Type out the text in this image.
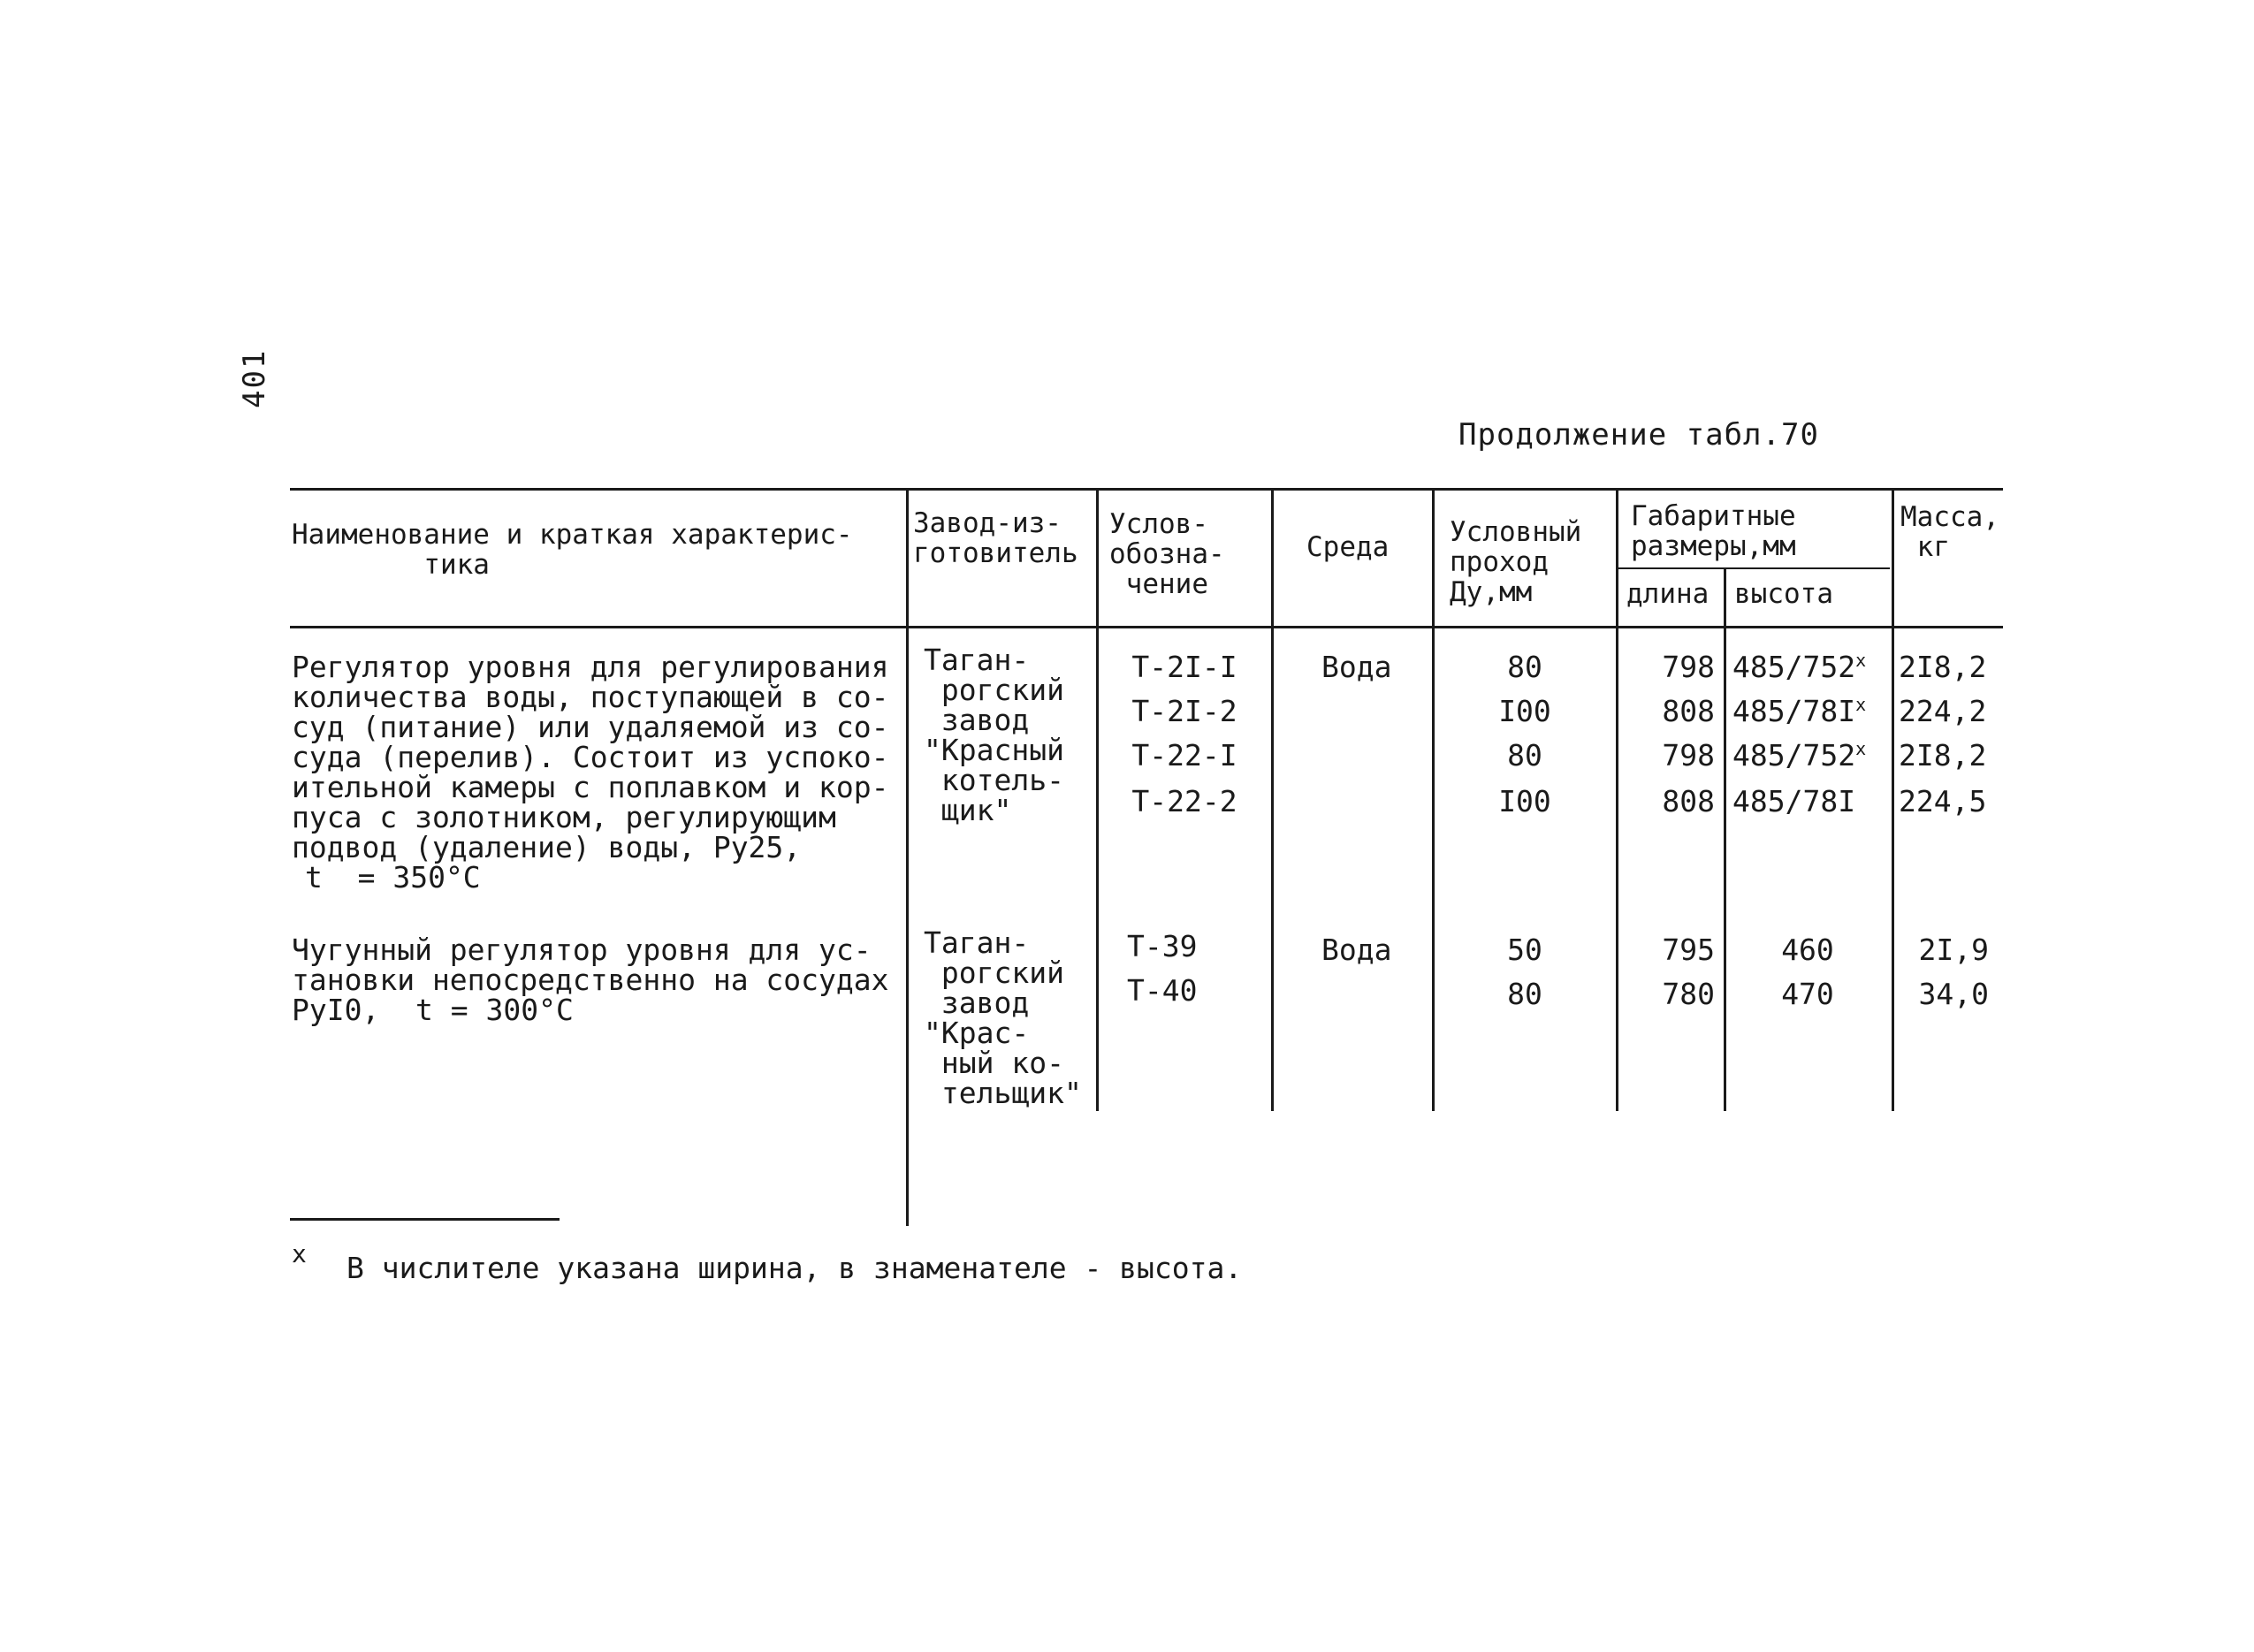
401
Продолжение табл.70
Наименование и краткая характерис-
тика
Завод-из-
готовитель
Услов-
обозна-
чение
Среда Условный
проход
Ду,мм
Габаритные
размеры,мм
длина высота
Масса,
кг
Регулятор уровня для регулирования
количества воды, поступающей в со-
суд (питание) или удаляемой из со-
суда (перелив). Состоит из успоко-
ительной камеры с поплавком и кор-
пуса с золотником, регулирующим
подвод (удаление) воды, Ру25,
t  = 350°С
Таган-
рогский
завод
"Красный
котель-
щик"
Вода
Т-2I-I
Т-2I-2
Т-22-I
Т-22-2
80
I00
80
I00
798
808
798
808
$485/752^х$
$485/78I^х$
$485/752^х$
485/78I
2I8,2
224,2
2I8,2
224,5
Чугунный регулятор уровня для ус-
тановки непосредственно на сосудах
РуI0,	t = 300°С
Таган-
рогский
завод
"Крас-
ный ко-
тельщик"
Вода
Т-39
Т-40
50
80
795
780
460
470
2I,9
34,0
х В числителе указана ширина, в знаменателе - высота.
